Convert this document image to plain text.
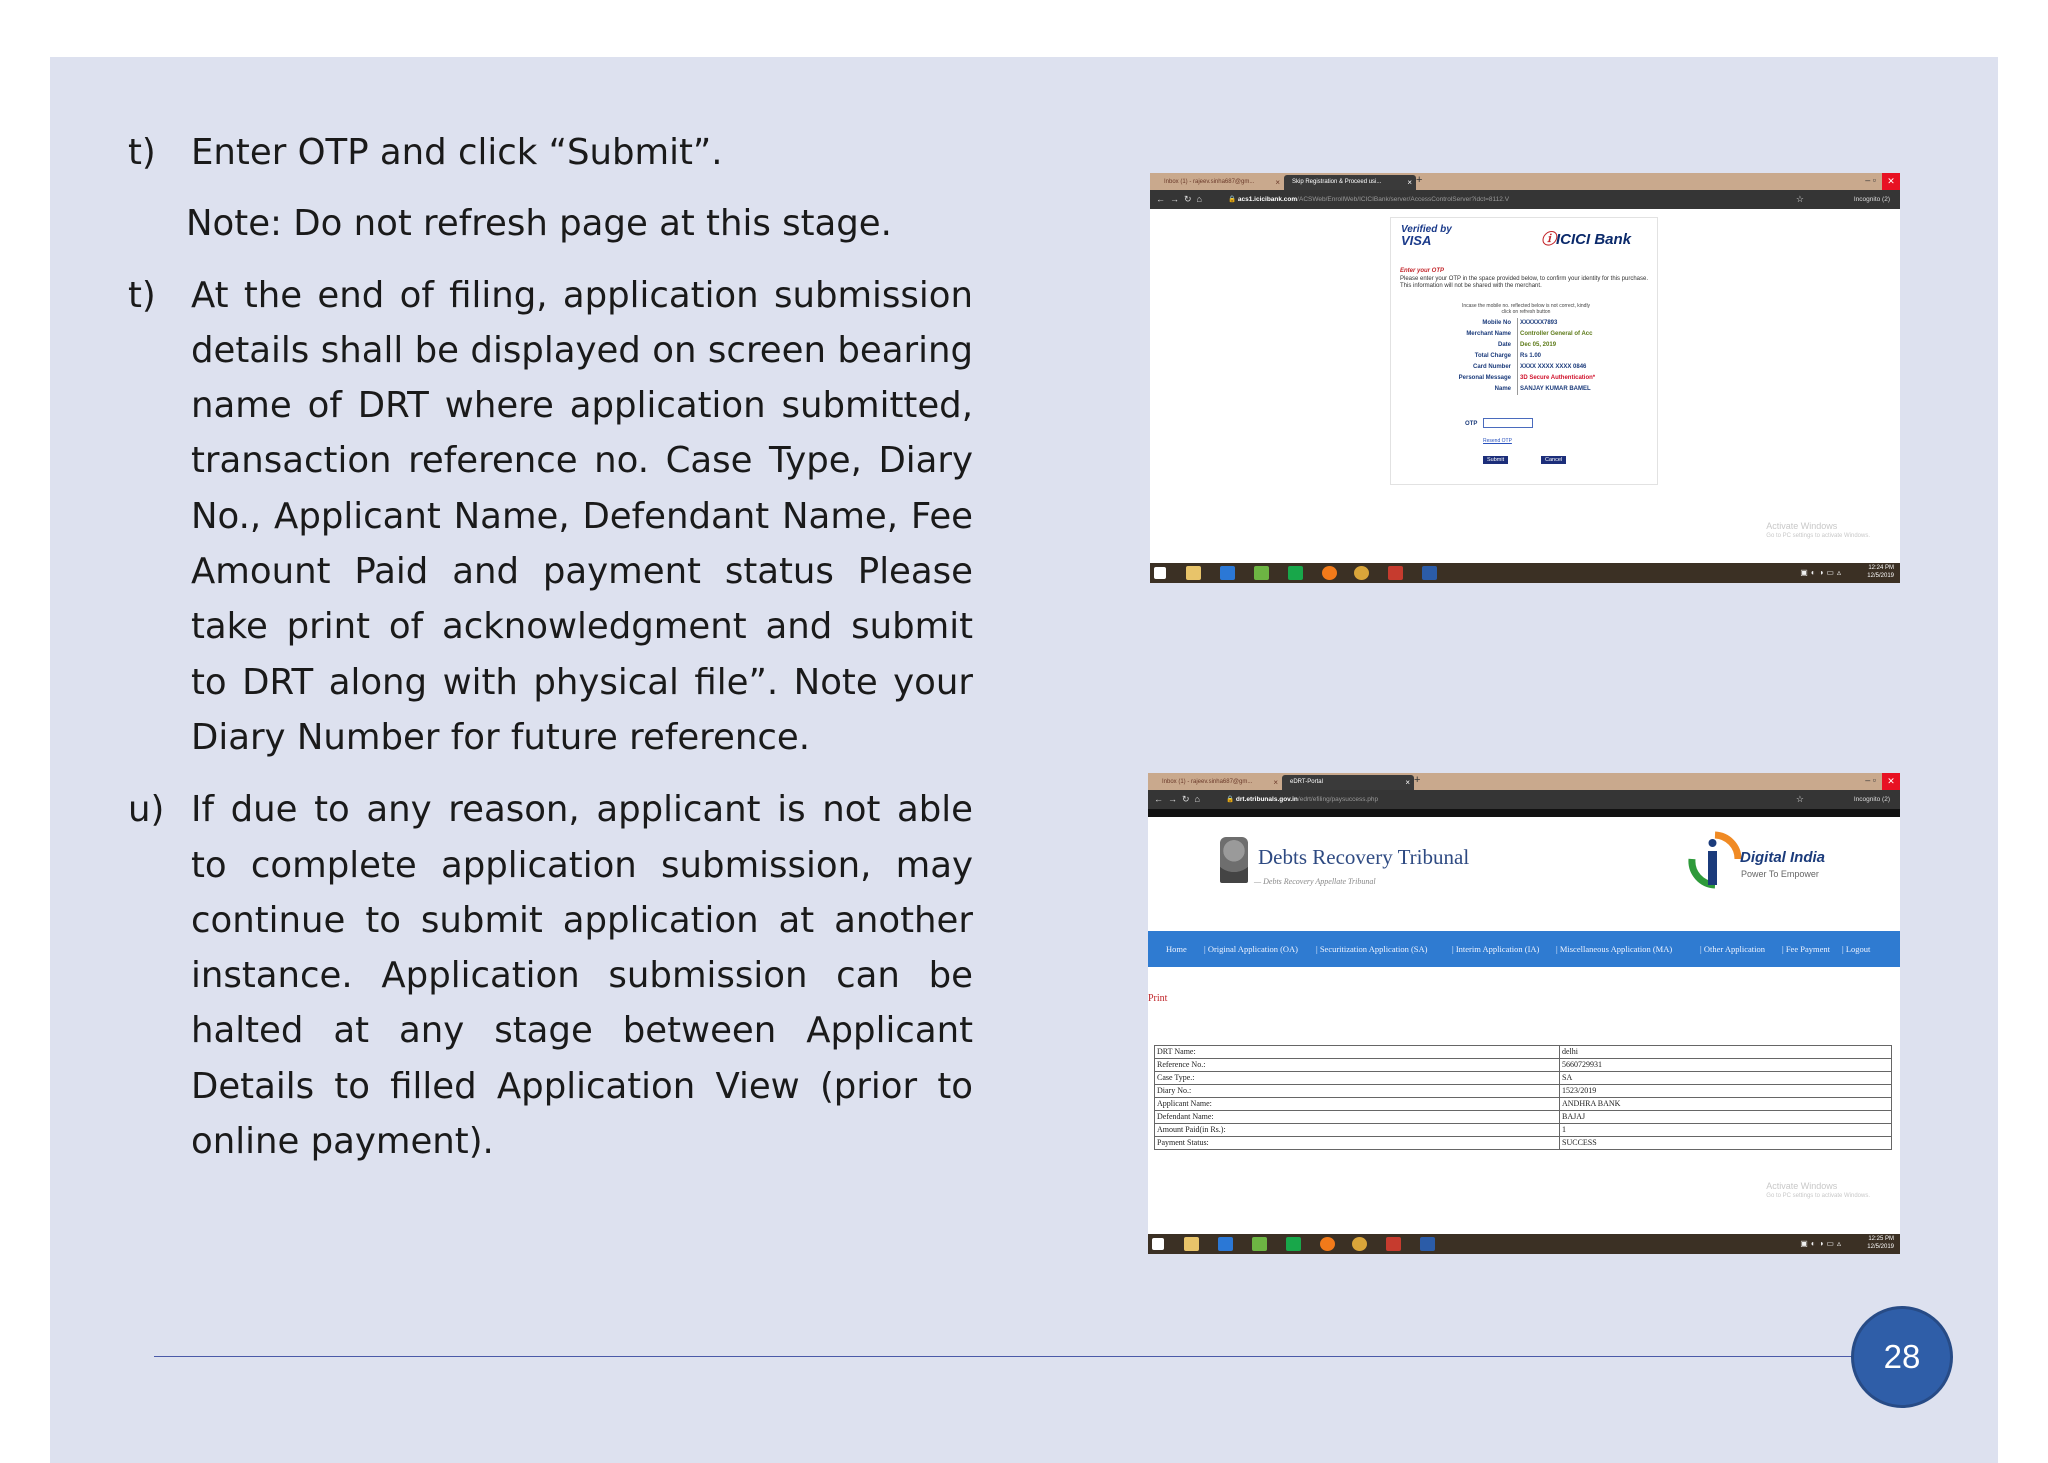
t) Enter OTP and click “Submit”.

Note: Do not refresh page at this stage.

t) At the end of filing, application submission details shall be displayed on screen bearing name of DRT where application submitted, transaction reference no. Case Type, Diary No., Applicant Name, Defendant Name, Fee Amount Paid and payment status Please take print of acknowledgment and submit to DRT along with physical file”. Note your Diary Number for future reference.

u) If due to any reason, applicant is not able to complete application submission, may continue to submit application at another instance. Application submission can be halted at any stage between Applicant Details to filled Application View (prior to online payment).

Inbox (1) - rajeev.sinha687@gm...	×	Skip Registration & Proceed usi...	× +	– ▫	✕
←→↻⌂	🔒 acs1.icicibank.com/ACSWeb/EnrollWeb/ICICIBank/server/AccessControlServer?idct=8112.V	☆	Incognito (2)
Verified by
VISA	ⓘICICI Bank
Enter your OTP
Please enter your OTP in the space provided below, to confirm your identity for this purchase. This information will not be shared with the merchant.
Incase the mobile no. reflected below is not correct, kindly click on refresh button
Mobile No	XXXXXX7893
Merchant Name	Controller General of Acc
Date	Dec 05, 2019
Total Charge	Rs 1.00
Card Number	XXXX XXXX XXXX 0846
Personal Message	3D Secure Authentication*
Name	SANJAY KUMAR BAMEL
OTP
Resend OTP
Submit	Cancel
Activate Windows
Go to PC settings to activate Windows.
▣◐◑▭▵	12:24 PM
12/5/2019
Inbox (1) - rajeev.sinha687@gm...	×	eDRT-Portal	× +	– ▫	✕
←→↻⌂	🔒 drt.etribunals.gov.in/edrt/efiling/paysuccess.php	☆	Incognito (2)
Debts Recovery Tribunal
— Debts Recovery Appellate Tribunal
Digital India
Power To Empower
Home | Original Application (OA) | Securitization Application (SA)	| Interim Application (IA) | Miscellaneous Application (MA)	| Other Application | Fee Payment | Logout
Print
DRT Name:	delhi
Reference No.:	5660729931
Case Type.:	SA
Diary No.:	1523/2019
Applicant Name:	ANDHRA BANK
Defendant Name:	BAJAJ
Amount Paid(in Rs.):	1
Payment Status:	SUCCESS
Activate Windows
Go to PC settings to activate Windows.
▣◐◑▭▵	12:25 PM
12/5/2019
28
